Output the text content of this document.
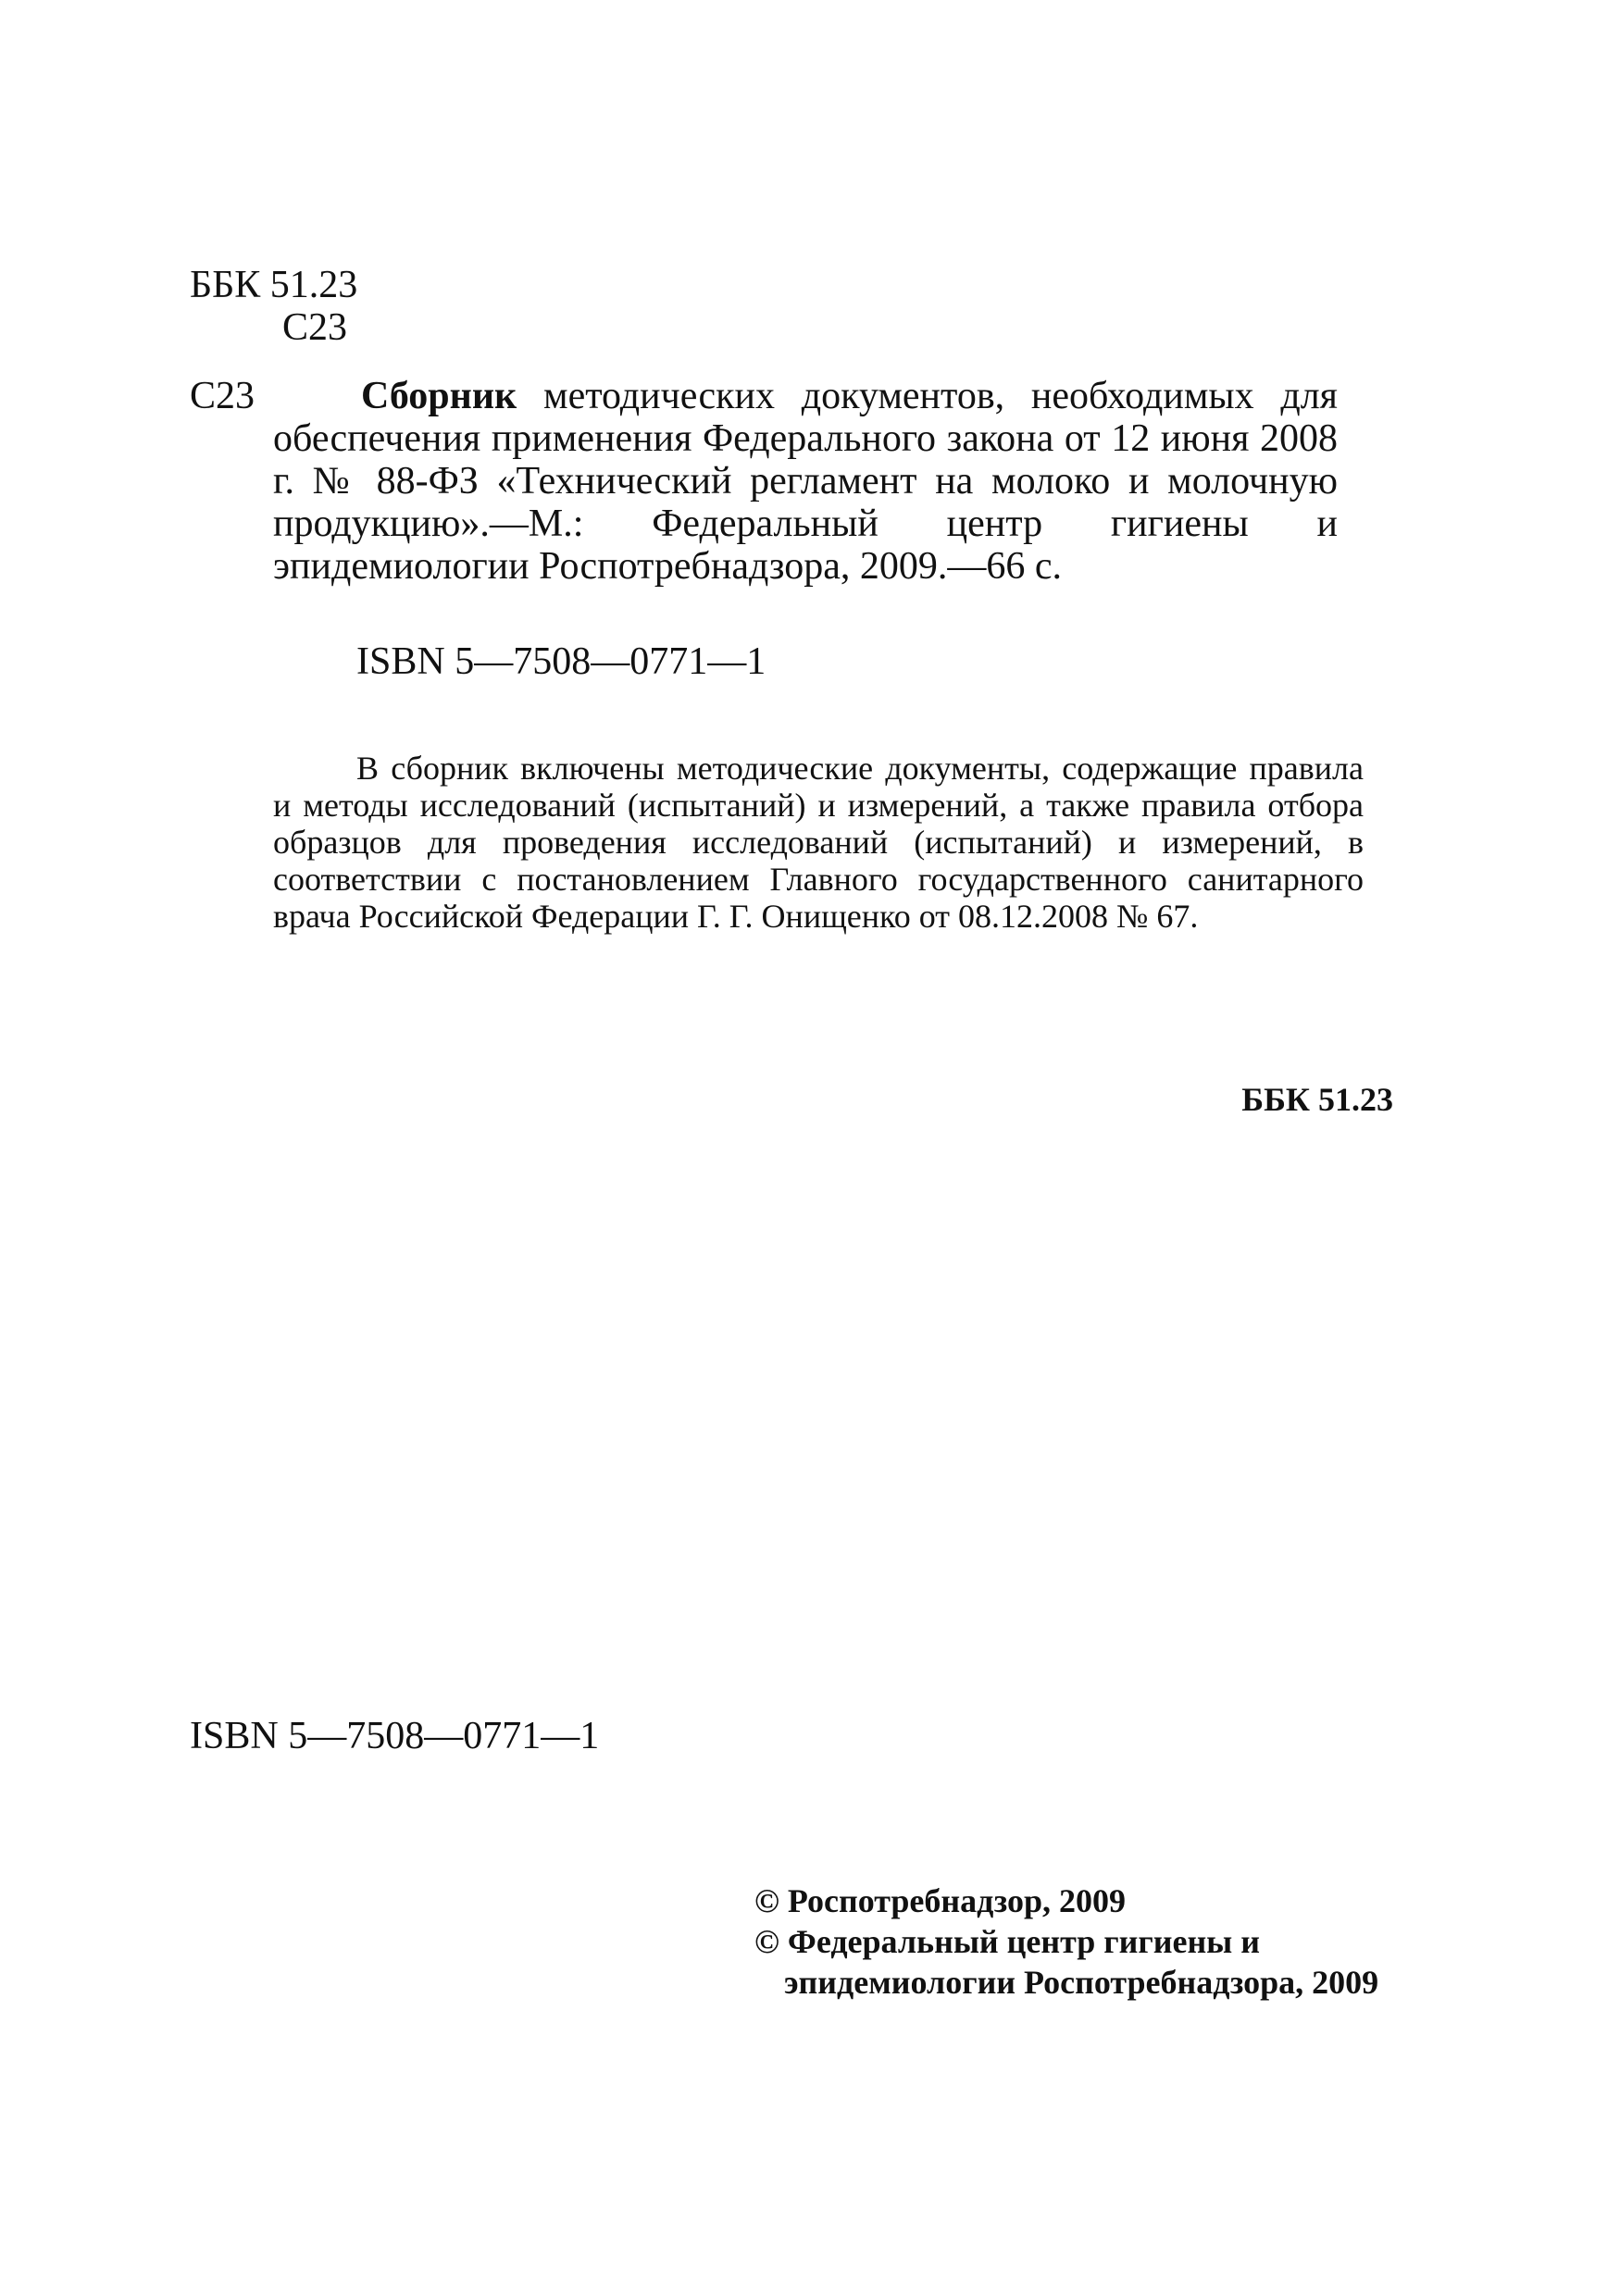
ББК 51.23
С23
С23	Сборник методических документов, необходимых для обеспечения применения Федерального закона от 12 июня 2008 г. № 88-ФЗ «Технический регламент на молоко и молочную продукцию».—М.: Федеральный центр гигиены и эпидемиологии Роспотребнадзора, 2009.—66 с.
ISBN 5—7508—0771—1
В сборник включены методические документы, содержащие правила и методы исследований (испытаний) и измерений, а также правила отбора образцов для проведения исследований (испытаний) и измерений, в соответствии с постановлением Главного государственного санитарного врача Российской Федерации Г. Г. Онищенко от 08.12.2008 № 67.
ББК 51.23
ISBN 5—7508—0771—1
© Роспотребнадзор, 2009
© Федеральный центр гигиены и
эпидемиологии Роспотребнадзора, 2009
